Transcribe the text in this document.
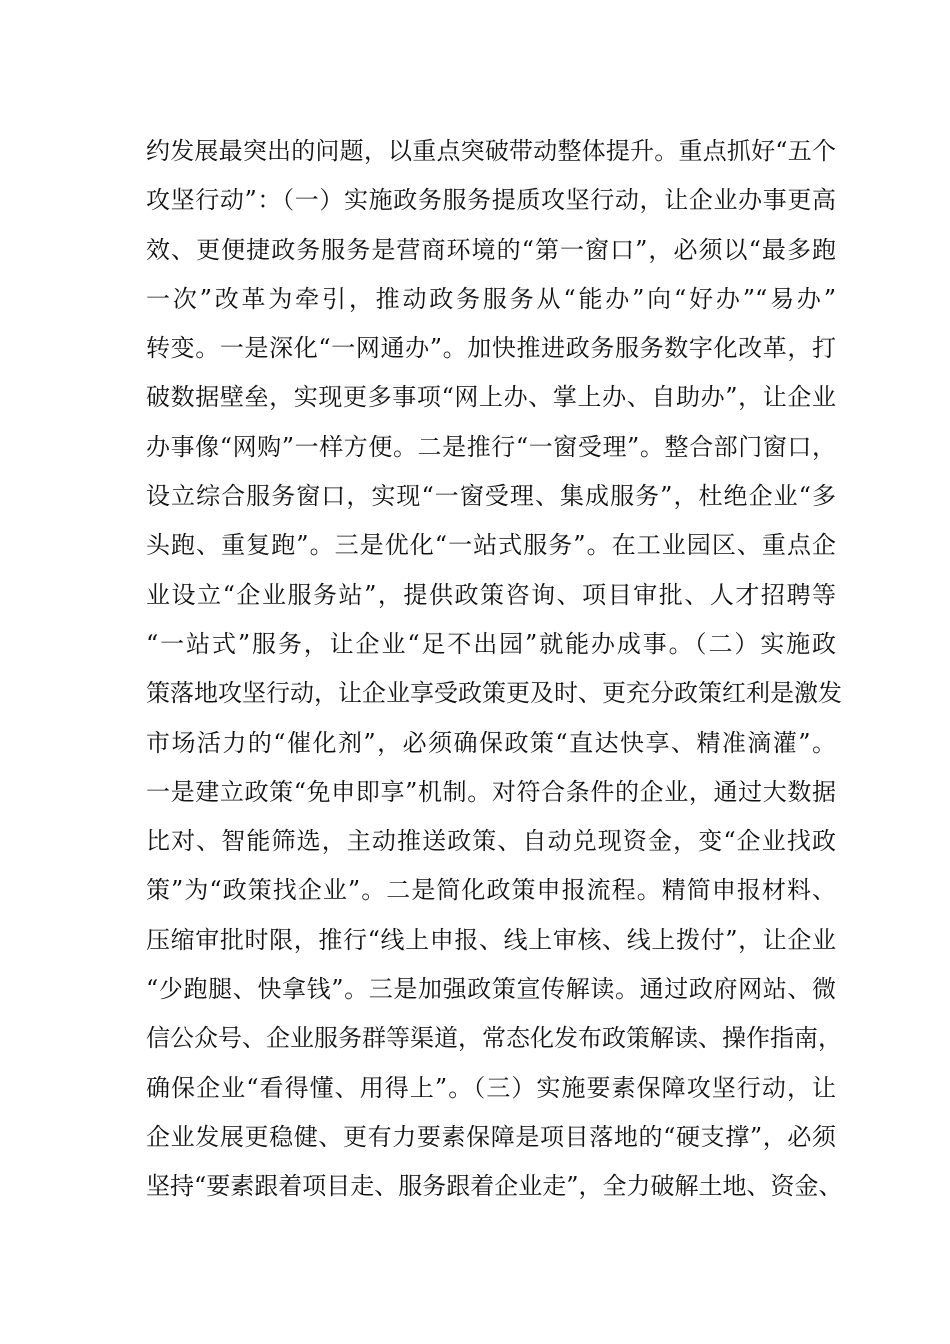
约发展最突出的问题，以重点突破带动整体提升。重点抓好“五个
攻坚行动”：（一）实施政务服务提质攻坚行动，让企业办事更高
效、更便捷政务服务是营商环境的“第一窗口”，必须以“最多跑
一次”改革为牵引，推动政务服务从“能办”向“好办”“易办”
转变。一是深化“一网通办”。加快推进政务服务数字化改革，打
破数据壁垒，实现更多事项“网上办、掌上办、自助办”，让企业
办事像“网购”一样方便。二是推行“一窗受理”。整合部门窗口，
设立综合服务窗口，实现“一窗受理、集成服务”，杜绝企业“多
头跑、重复跑”。三是优化“一站式服务”。在工业园区、重点企
业设立“企业服务站”，提供政策咨询、项目审批、人才招聘等
“一站式”服务，让企业“足不出园”就能办成事。（二）实施政
策落地攻坚行动，让企业享受政策更及时、更充分政策红利是激发
市场活力的“催化剂”，必须确保政策“直达快享、精准滴灌”。
一是建立政策“免申即享”机制。对符合条件的企业，通过大数据
比对、智能筛选，主动推送政策、自动兑现资金，变“企业找政
策”为“政策找企业”。二是简化政策申报流程。精简申报材料、
压缩审批时限，推行“线上申报、线上审核、线上拨付”，让企业
“少跑腿、快拿钱”。三是加强政策宣传解读。通过政府网站、微
信公众号、企业服务群等渠道，常态化发布政策解读、操作指南，
确保企业“看得懂、用得上”。（三）实施要素保障攻坚行动，让
企业发展更稳健、更有力要素保障是项目落地的“硬支撑”，必须
坚持“要素跟着项目走、服务跟着企业走”，全力破解土地、资金、
